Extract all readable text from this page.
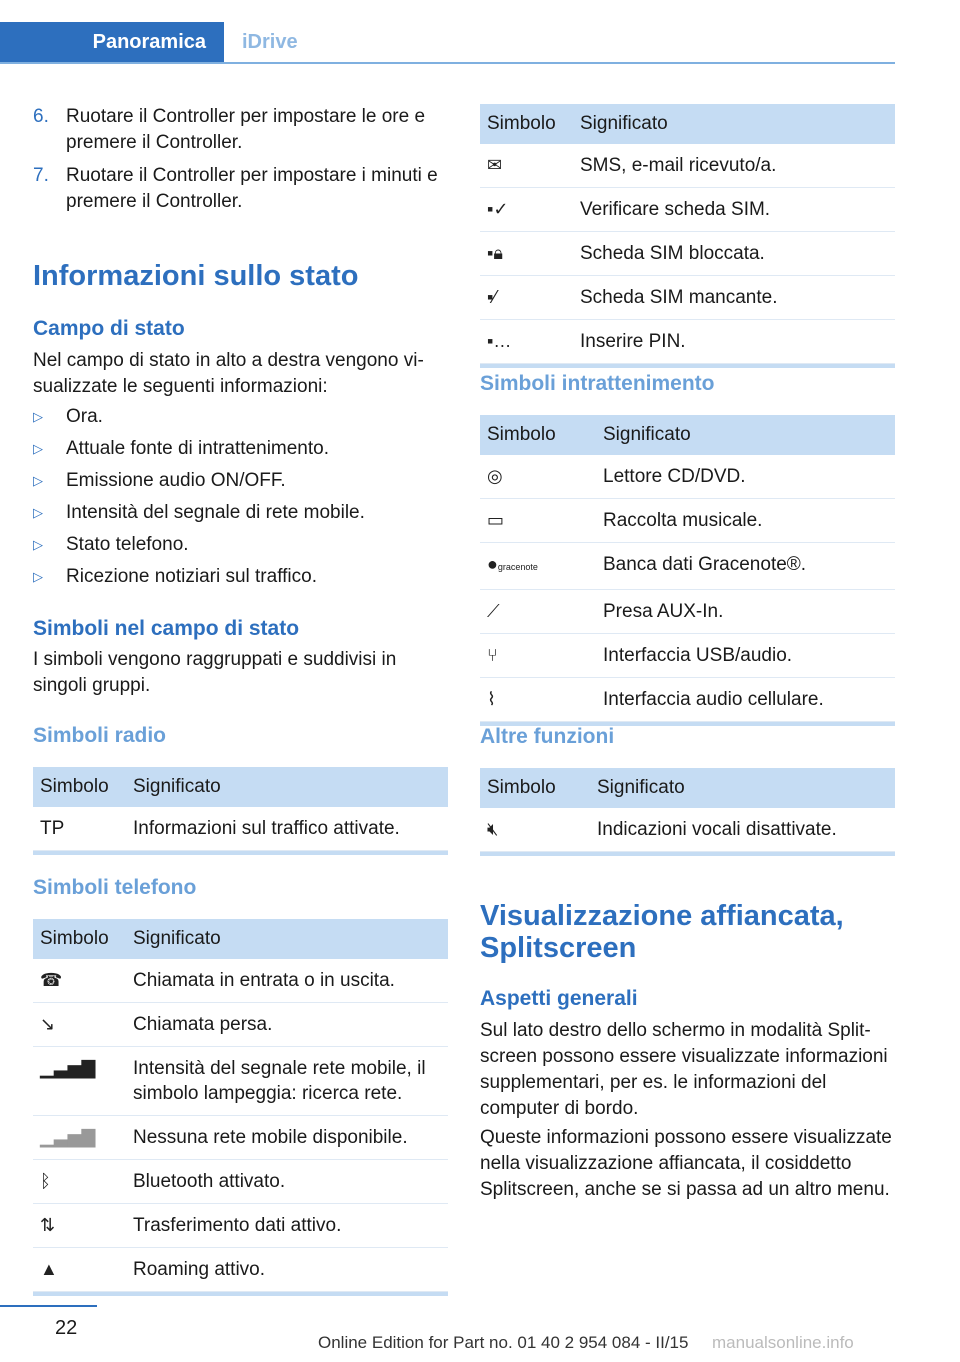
Panoramica	iDrive
6. Ruotare il Controller per impostare le ore e premere il Controller.
7. Ruotare il Controller per impostare i minuti e premere il Controller.
Informazioni sullo stato
Campo di stato
Nel campo di stato in alto a destra vengono visualizzate le seguenti informazioni:
▷ Ora.
▷ Attuale fonte di intrattenimento.
▷ Emissione audio ON/OFF.
▷ Intensità del segnale di rete mobile.
▷ Stato telefono.
▷ Ricezione notiziari sul traffico.
Simboli nel campo di stato
I simboli vengono raggruppati e suddivisi in singoli gruppi.
Simboli radio
Simbolo	Significato
TP	Informazioni sul traffico attivate.

Simboli telefono
Simbolo	Significato
☎	Chiamata in entrata o in uscita.
↘	Chiamata persa.
▁▃▅▇	Intensità del segnale rete mobile, il simbolo lampeggia: ricerca rete.
▁▃▅▇	Nessuna rete mobile disponibile.
ᛒ	Bluetooth attivato.
⇅	Trasferimento dati attivo.
▲	Roaming attivo.

Simbolo	Significato
✉	SMS, e-mail ricevuto/a.
▪✓	Verificare scheda SIM.
▪🔒︎	Scheda SIM bloccata.
▪⁄	Scheda SIM mancante.
▪…	Inserire PIN.

Simboli intrattenimento
Simbolo	Significato
◎	Lettore CD/DVD.
▭	Raccolta musicale.
●gracenote	Banca dati Gracenote®.
⟋	Presa AUX-In.
⑂	Interfaccia USB/audio.
⌇	Interfaccia audio cellulare.

Altre funzioni
Simbolo	Significato
🔇︎	Indicazioni vocali disattivate.

Visualizzazione affiancata, Splitscreen
Aspetti generali
Sul lato destro dello schermo in modalità Splitscreen possono essere visualizzate informazioni supplementari, per es. le informazioni del computer di bordo.
Queste informazioni possono essere visualizzate nella visualizzazione affiancata, il cosiddetto Splitscreen, anche se si passa ad un altro menu.
22
Online Edition for Part no. 01 40 2 954 084 - II/15 manualsonline.info
